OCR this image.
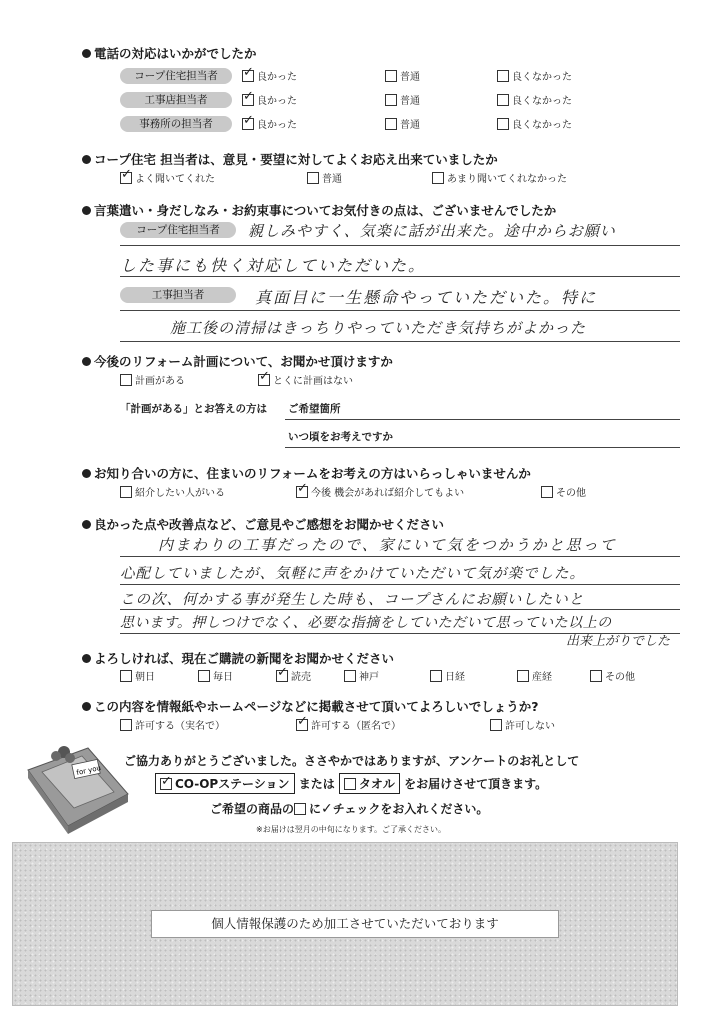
電話の対応はいかがでしたか
コープ住宅担当者 ✓	良かった	普通	良くなかった
工事店担当者 ✓	良かった	普通	良くなかった
事務所の担当者 ✓	良かった	普通	良くなかった
コープ住宅 担当者は、意見・要望に対してよくお応え出来ていましたか
✓よく聞いてくれた	普通	あまり聞いてくれなかった
言葉遣い・身だしなみ・お約束事についてお気付きの点は、ございませんでしたか
コープ住宅担当者	親しみやすく、気楽に話が出来た。途中からお願い
した事にも快く対応していただいた。
工事担当者	真面目に一生懸命やっていただいた。特に
施工後の清掃はきっちりやっていただき気持ちがよかった
今後のリフォーム計画について、お聞かせ頂けますか
計画がある ✓	とくに計画はない
「計画がある」とお答えの方は ご希望箇所
いつ頃をお考えですか
お知り合いの方に、住まいのリフォームをお考えの方はいらっしゃいませんか
紹介したい人がいる ✓	今後 機会があれば紹介してもよい	その他
良かった点や改善点など、ご意見やご感想をお聞かせください
内まわりの工事だったので、家にいて気をつかうかと思って
心配していましたが、気軽に声をかけていただいて気が楽でした。
この次、何かする事が発生した時も、コープさんにお願いしたいと
思います。押しつけでなく、必要な指摘をしていただいて思っていた以上の
出来上がりでした
よろしければ、現在ご購読の新聞をお聞かせください
朝日	毎日 ✓	読売	神戸	日経	産経	その他
この内容を情報紙やホームページなどに掲載させて頂いてよろしいでしょうか?
許可する（実名で） ✓	許可する（匿名で）	許可しない
for you
ご協力ありがとうございました。ささやかではありますが、アンケートのお礼として
✓CO-OPステーション または タオル をお届けさせて頂きます。
ご希望の商品の に✓チェックをお入れください。
※お届けは翌月の中旬になります。ご了承ください。
個人情報保護のため加工させていただいております
